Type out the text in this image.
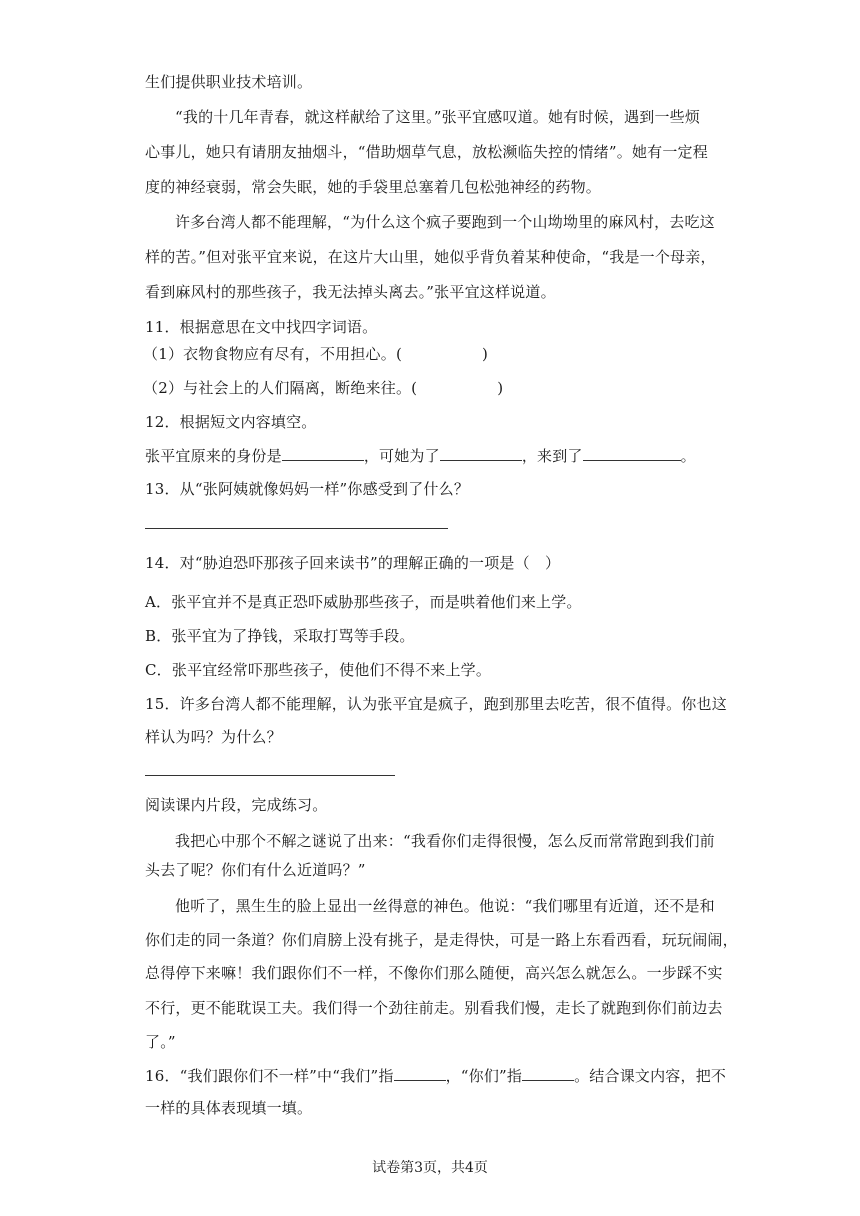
生们提供职业技术培训。
“我的十几年青春，就这样献给了这里。”张平宜感叹道。她有时候，遇到一些烦
心事儿，她只有请朋友抽烟斗，“借助烟草气息，放松濒临失控的情绪”。她有一定程
度的神经衰弱，常会失眠，她的手袋里总塞着几包松弛神经的药物。
许多台湾人都不能理解，“为什么这个疯子要跑到一个山坳坳里的麻风村，去吃这
样的苦。”但对张平宜来说，在这片大山里，她似乎背负着某种使命，“我是一个母亲，
看到麻风村的那些孩子，我无法掉头离去。”张平宜这样说道。
11．根据意思在文中找四字词语。
（1）衣物食物应有尽有，不用担心。(	)
（2）与社会上的人们隔离，断绝来往。(	)
12．根据短文内容填空。
张平宜原来的身份是	，可她为了	，来到了	。
13．从“张阿姨就像妈妈一样”你感受到了什么？
14．对“胁迫恐吓那孩子回来读书”的理解正确的一项是（　）
A．张平宜并不是真正恐吓威胁那些孩子，而是哄着他们来上学。
B．张平宜为了挣钱，采取打骂等手段。
C．张平宜经常吓那些孩子，使他们不得不来上学。
15．许多台湾人都不能理解，认为张平宜是疯子，跑到那里去吃苦，很不值得。你也这
样认为吗？为什么？
阅读课内片段，完成练习。
我把心中那个不解之谜说了出来：“我看你们走得很慢，怎么反而常常跑到我们前
头去了呢？你们有什么近道吗？”
他听了，黑生生的脸上显出一丝得意的神色。他说：“我们哪里有近道，还不是和
你们走的同一条道？你们肩膀上没有挑子，是走得快，可是一路上东看西看，玩玩闹闹，
总得停下来嘛！我们跟你们不一样，不像你们那么随便，高兴怎么就怎么。一步踩不实
不行，更不能耽误工夫。我们得一个劲往前走。别看我们慢，走长了就跑到你们前边去
了。”
16．“我们跟你们不一样”中“我们”指	，“你们”指	。结合课文内容，把不
一样的具体表现填一填。
试卷第3页，共4页
